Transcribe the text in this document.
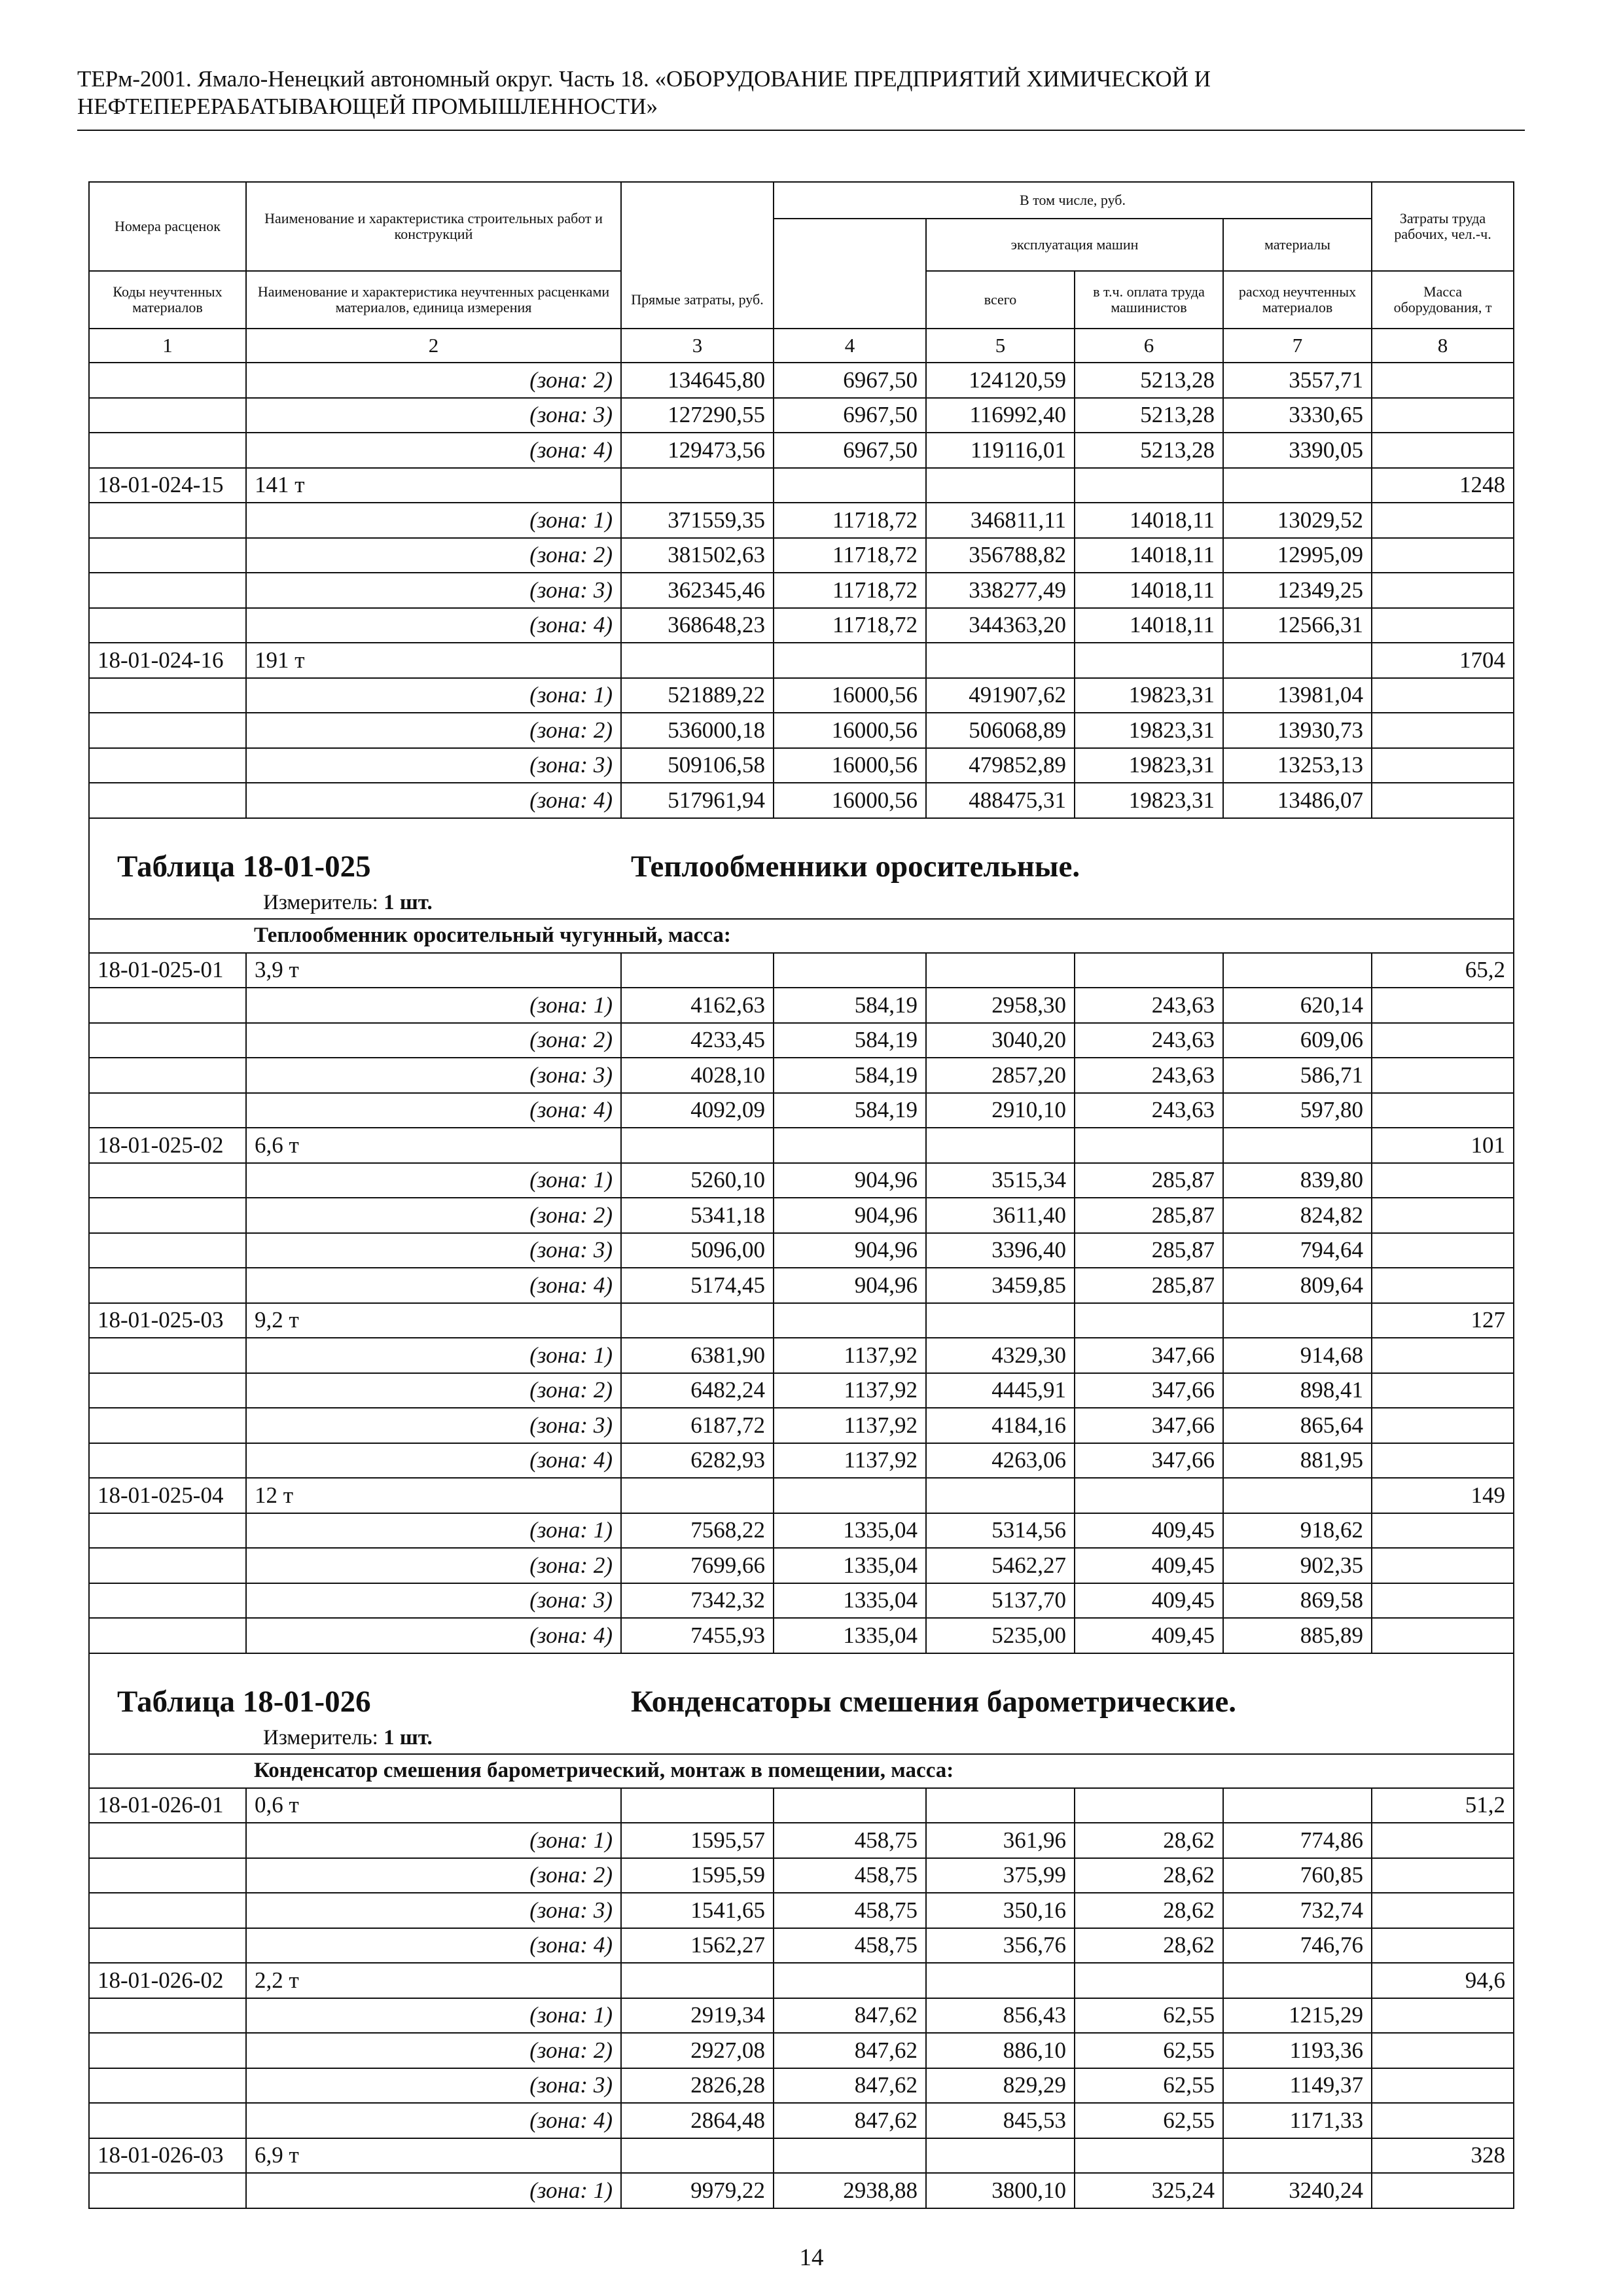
ТЕРм-2001. Ямало-Ненецкий автономный округ. Часть 18. «ОБОРУДОВАНИЕ ПРЕДПРИЯТИЙ ХИМИЧЕСКОЙ И
НЕФТЕПЕРЕРАБАТЫВАЮЩЕЙ ПРОМЫШЛЕННОСТИ»
Номера расценок	Наименование и характеристика строительных работ и конструкций		В том числе, руб.				Затраты труда рабочих, чел.-ч.
				эксплуатация машин		материалы	
Коды неучтенных материалов	Наименование и характеристика неучтенных расценками материалов, единица измерения	Прямые затраты, руб.		всего	в т.ч. оплата труда машинистов	расход неучтенных материалов	Масса оборудования, т
1	2	3	4	5	6	7	8
	(зона: 2)	134645,80	6967,50	124120,59	5213,28	3557,71	
	(зона: 3)	127290,55	6967,50	116992,40	5213,28	3330,65	
	(зона: 4)	129473,56	6967,50	119116,01	5213,28	3390,05	
18-01-024-15	141 т						1248
	(зона: 1)	371559,35	11718,72	346811,11	14018,11	13029,52	
	(зона: 2)	381502,63	11718,72	356788,82	14018,11	12995,09	
	(зона: 3)	362345,46	11718,72	338277,49	14018,11	12349,25	
	(зона: 4)	368648,23	11718,72	344363,20	14018,11	12566,31	
18-01-024-16	191 т						1704
	(зона: 1)	521889,22	16000,56	491907,62	19823,31	13981,04	
	(зона: 2)	536000,18	16000,56	506068,89	19823,31	13930,73	
	(зона: 3)	509106,58	16000,56	479852,89	19823,31	13253,13	
	(зона: 4)	517961,94	16000,56	488475,31	19823,31	13486,07	

Таблица 18-01-025 Теплообменники оросительные.
Измеритель: 1 шт.							

	Теплообменник оросительный чугунный, масса:						
18-01-025-01	3,9 т						65,2
	(зона: 1)	4162,63	584,19	2958,30	243,63	620,14	
	(зона: 2)	4233,45	584,19	3040,20	243,63	609,06	
	(зона: 3)	4028,10	584,19	2857,20	243,63	586,71	
	(зона: 4)	4092,09	584,19	2910,10	243,63	597,80	
18-01-025-02	6,6 т						101
	(зона: 1)	5260,10	904,96	3515,34	285,87	839,80	
	(зона: 2)	5341,18	904,96	3611,40	285,87	824,82	
	(зона: 3)	5096,00	904,96	3396,40	285,87	794,64	
	(зона: 4)	5174,45	904,96	3459,85	285,87	809,64	
18-01-025-03	9,2 т						127
	(зона: 1)	6381,90	1137,92	4329,30	347,66	914,68	
	(зона: 2)	6482,24	1137,92	4445,91	347,66	898,41	
	(зона: 3)	6187,72	1137,92	4184,16	347,66	865,64	
	(зона: 4)	6282,93	1137,92	4263,06	347,66	881,95	
18-01-025-04	12 т						149
	(зона: 1)	7568,22	1335,04	5314,56	409,45	918,62	
	(зона: 2)	7699,66	1335,04	5462,27	409,45	902,35	
	(зона: 3)	7342,32	1335,04	5137,70	409,45	869,58	
	(зона: 4)	7455,93	1335,04	5235,00	409,45	885,89	

Таблица 18-01-026 Конденсаторы смешения барометрические.
Измеритель: 1 шт.							

	Конденсатор смешения барометрический, монтаж в помещении, масса:						
18-01-026-01	0,6 т						51,2
	(зона: 1)	1595,57	458,75	361,96	28,62	774,86	
	(зона: 2)	1595,59	458,75	375,99	28,62	760,85	
	(зона: 3)	1541,65	458,75	350,16	28,62	732,74	
	(зона: 4)	1562,27	458,75	356,76	28,62	746,76	
18-01-026-02	2,2 т						94,6
	(зона: 1)	2919,34	847,62	856,43	62,55	1215,29	
	(зона: 2)	2927,08	847,62	886,10	62,55	1193,36	
	(зона: 3)	2826,28	847,62	829,29	62,55	1149,37	
	(зона: 4)	2864,48	847,62	845,53	62,55	1171,33	
18-01-026-03	6,9 т						328
	(зона: 1)	9979,22	2938,88	3800,10	325,24	3240,24	
14
